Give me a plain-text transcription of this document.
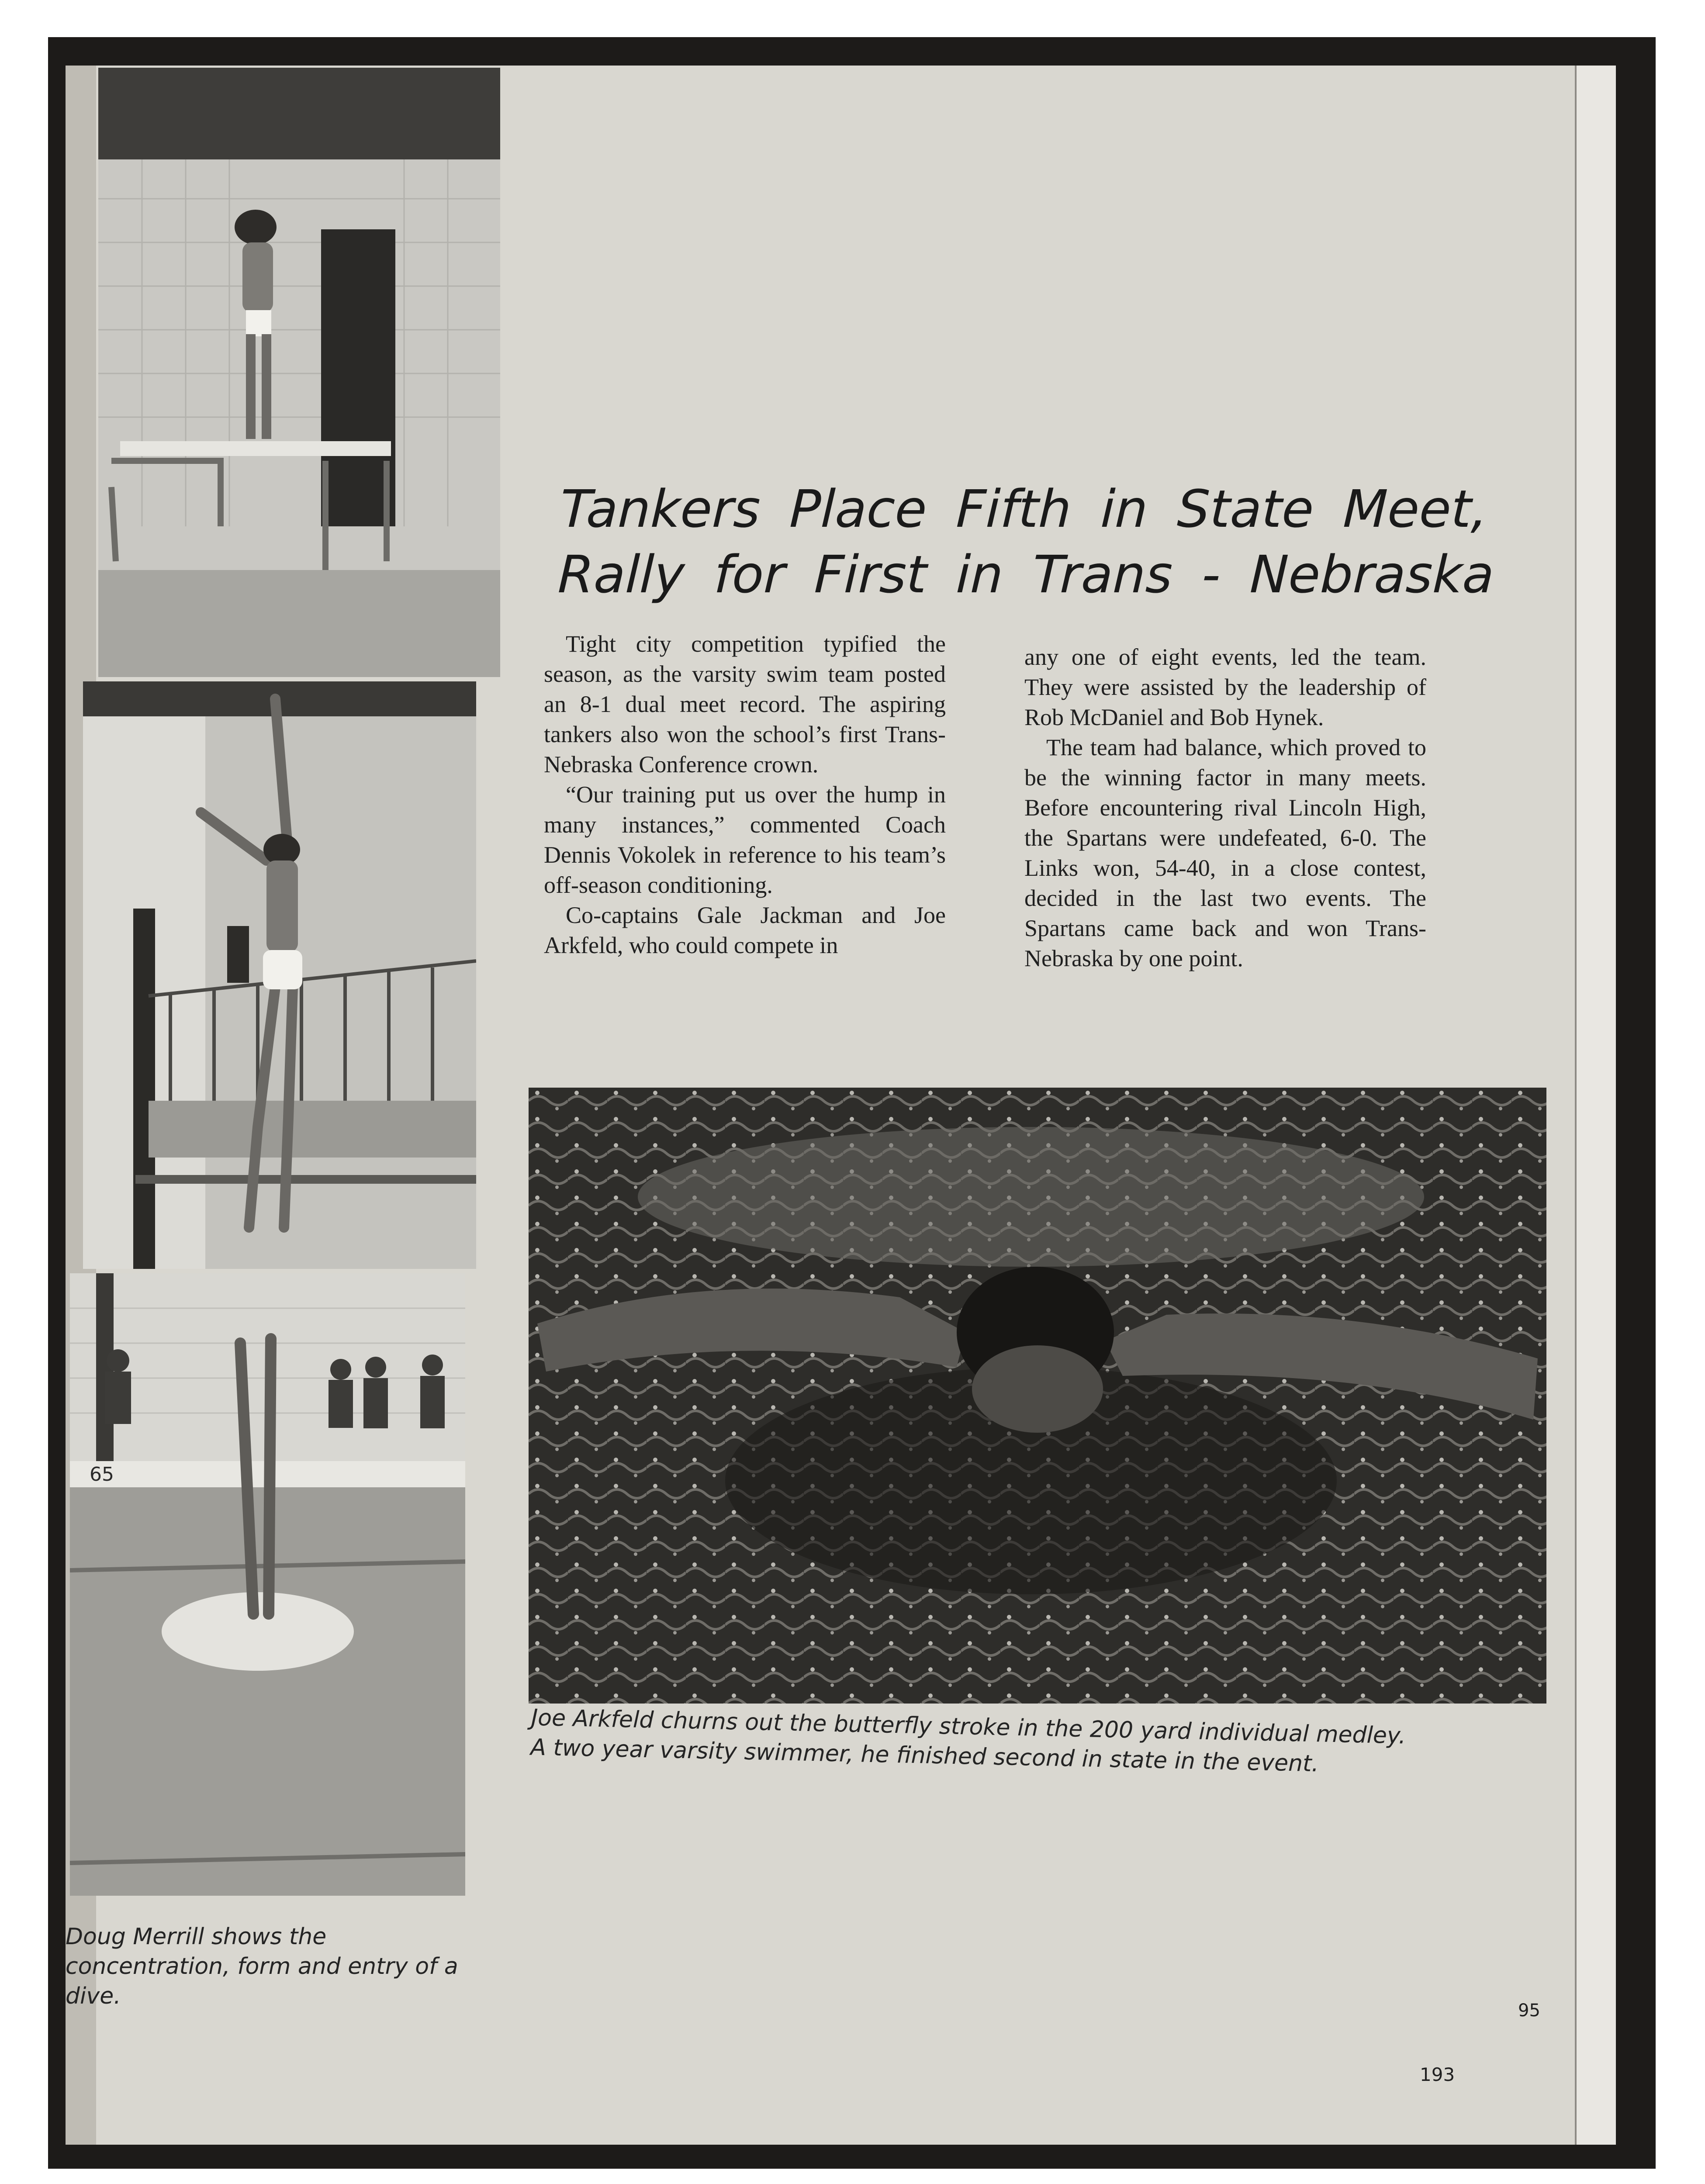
65
Tankers Place Fifth in State Meet,
Rally for First in Trans - Nebraska

Tight city competition typified the season, as the varsity swim team posted an 8-1 dual meet record. The aspiring tankers also won the school’s first Trans-Nebraska Conference crown.

“Our training put us over the hump in many instances,” commented Coach Dennis Vokolek in reference to his team’s off-season conditioning.

Co-captains Gale Jackman and Joe Arkfeld, who could compete in

any one of eight events, led the team. They were assisted by the leadership of Rob McDaniel and Bob Hynek.

The team had balance, which proved to be the winning factor in many meets. Before encountering rival Lincoln High, the Spartans were undefeated, 6-0. The Links won, 54-40, in a close contest, decided in the last two events. The Spartans came back and won Trans-Nebraska by one point.

Joe Arkfeld churns out the butterfly stroke in the 200 yard individual medley. A two year varsity swimmer, he finished second in state in the event.
Doug Merrill shows the concentration, form and entry of a dive.
193
95
